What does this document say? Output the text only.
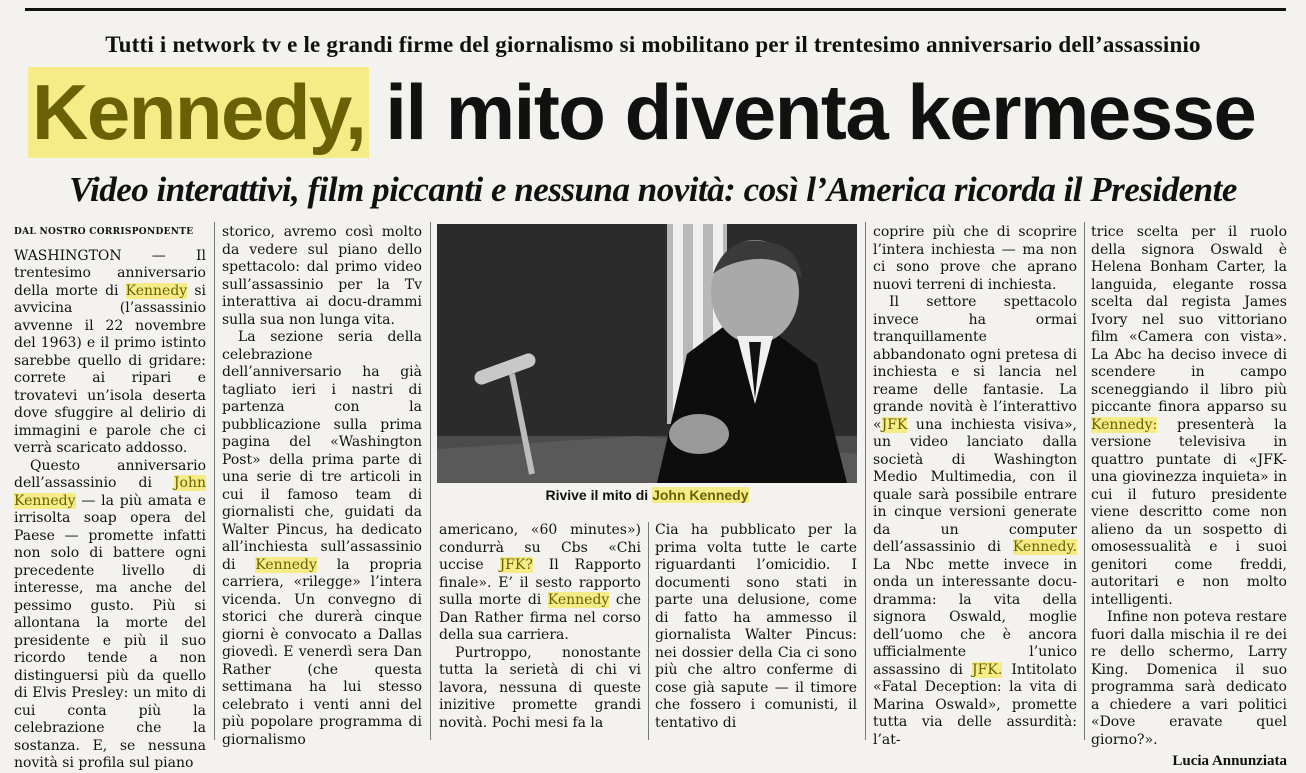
Tutti i network tv e le grandi firme del giornalismo si mobilitano per il trentesimo anniversario dell’assassinio
Kennedy, il mito diventa kermesse
Video interattivi, film piccanti e nessuna novità: così l’America ricorda il Presidente
DAL NOSTRO CORRISPONDENTE

WASHINGTON — Il trentesimo anniversario della morte di Kennedy si avvicina (l’assassinio avvenne il 22 novembre del 1963) e il primo istinto sarebbe quello di gridare: correte ai ripari e trovatevi un’isola deserta dove sfuggire al delirio di immagini e parole che ci verrà scaricato addosso.

Questo anniversario dell’assassinio di John Kennedy — la più amata e irrisolta soap opera del Paese — promette infatti non solo di battere ogni precedente livello di interesse, ma anche del pessimo gusto. Più si allontana la morte del presidente e più il suo ricordo tende a non distinguersi più da quello di Elvis Presley: un mito di cui conta più la celebrazione che la sostanza. E, se nessuna novità si profila sul piano

storico, avremo così molto da vedere sul piano dello spettacolo: dal primo video sull’assassinio per la Tv interattiva ai docu-drammi sulla sua non lunga vita.

La sezione seria della celebrazione dell’anniversario ha già tagliato ieri i nastri di partenza con la pubblicazione sulla prima pagina del «Washington Post» della prima parte di una serie di tre articoli in cui il famoso team di giornalisti che, guidati da Walter Pincus, ha dedicato all’inchiesta sull’assassinio di Kennedy la propria carriera, «rilegge» l’intera vicenda. Un convegno di storici che durerà cinque giorni è convocato a Dallas giovedì. E venerdì sera Dan Rather (che questa settimana ha lui stesso celebrato i venti anni del più popolare programma di giornalismo

Rivive il mito di John Kennedy

americano, «60 minutes») condurrà su Cbs «Chi uccise JFK? Il Rapporto finale». E’ il sesto rapporto sulla morte di Kennedy che Dan Rather firma nel corso della sua carriera.

Purtroppo, nonostante tutta la serietà di chi vi lavora, nessuna di queste inizitive promette grandi novità. Pochi mesi fa la

Cia ha pubblicato per la prima volta tutte le carte riguardanti l’omicidio. I documenti sono stati in parte una delusione, come di fatto ha ammesso il giornalista Walter Pincus: nei dossier della Cia ci sono più che altro conferme di cose già sapute — il timore che fossero i comunisti, il tentativo di

coprire più che di scoprire l’intera inchiesta — ma non ci sono prove che aprano nuovi terreni di inchiesta.

Il settore spettacolo invece ha ormai tranquillamente abbandonato ogni pretesa di inchiesta e si lancia nel reame delle fantasie. La grande novità è l’interattivo «JFK una inchiesta visiva», un video lanciato dalla società di Washington Medio Multimedia, con il quale sarà possibile entrare in cinque versioni generate da un computer dell’assassinio di Kennedy. La Nbc mette invece in onda un interessante docu-dramma: la vita della signora Oswald, moglie dell’uomo che è ancora ufficialmente l’unico assassino di JFK. Intitolato «Fatal Deception: la vita di Marina Oswald», promette tutta via delle assurdità: l’at-

trice scelta per il ruolo della signora Oswald è Helena Bonham Carter, la languida, elegante rossa scelta dal regista James Ivory nel suo vittoriano film «Camera con vista». La Abc ha deciso invece di scendere in campo sceneggiando il libro più piccante finora apparso su Kennedy: presenterà la versione televisiva in quattro puntate di «JFK-una giovinezza inquieta» in cui il futuro presidente viene descritto come non alieno da un sospetto di omosessualità e i suoi genitori come freddi, autoritari e non molto intelligenti.

Infine non poteva restare fuori dalla mischia il re dei re dello schermo, Larry King. Domenica il suo programma sarà dedicato a chiedere a vari politici «Dove eravate quel giorno?».

Lucia Annunziata
